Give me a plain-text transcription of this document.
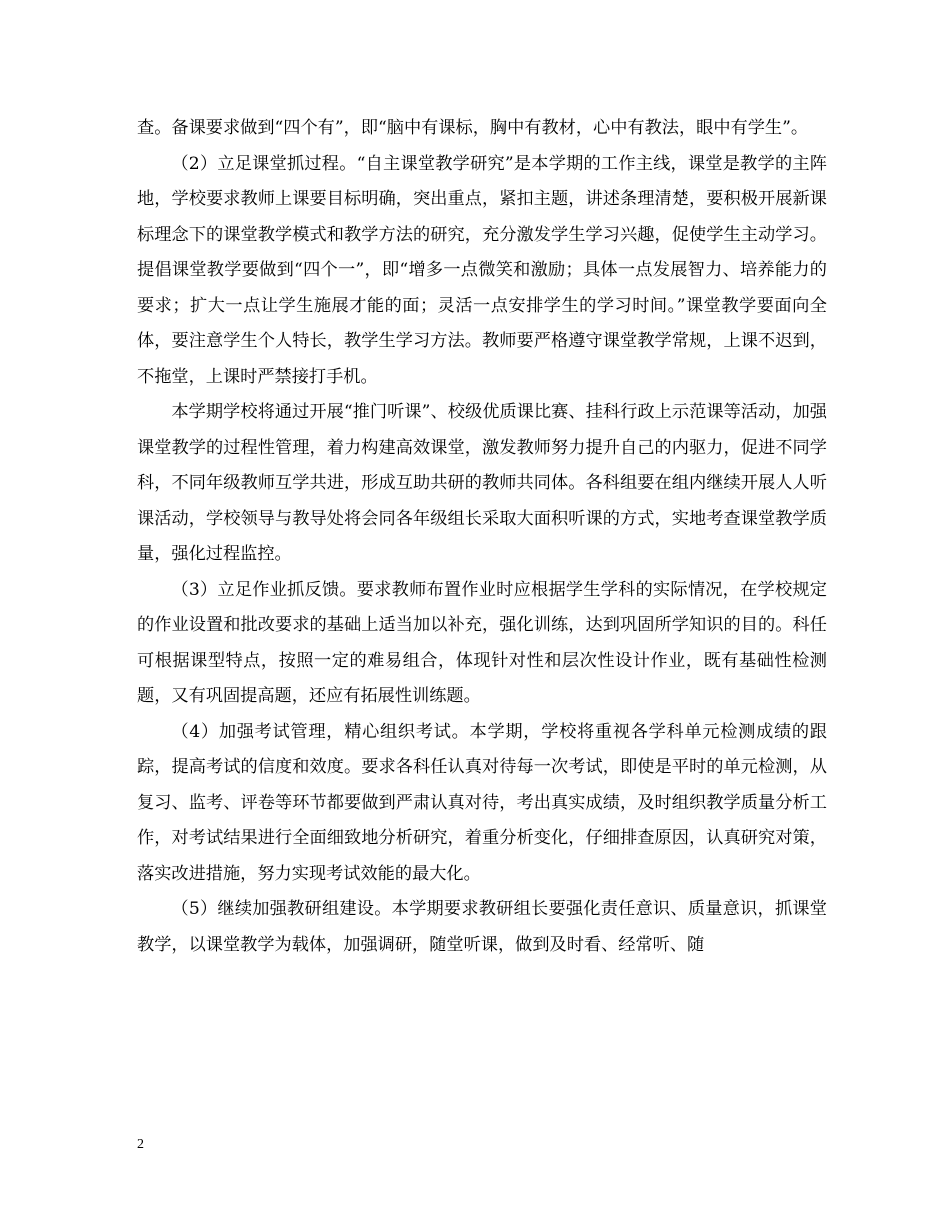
查。备课要求做到“四个有”，即“脑中有课标，胸中有教材，心中有教法，眼中有学生”。

（2）立足课堂抓过程。“自主课堂教学研究”是本学期的工作主线，课堂是教学的主阵地，学校要求教师上课要目标明确，突出重点，紧扣主题，讲述条理清楚，要积极开展新课标理念下的课堂教学模式和教学方法的研究，充分激发学生学习兴趣，促使学生主动学习。提倡课堂教学要做到“四个一”，即“增多一点微笑和激励；具体一点发展智力、培养能力的要求；扩大一点让学生施展才能的面；灵活一点安排学生的学习时间。”课堂教学要面向全体，要注意学生个人特长，教学生学习方法。教师要严格遵守课堂教学常规，上课不迟到，不拖堂，上课时严禁接打手机。

本学期学校将通过开展“推门听课”、校级优质课比赛、挂科行政上示范课等活动，加强课堂教学的过程性管理，着力构建高效课堂，激发教师努力提升自己的内驱力，促进不同学科，不同年级教师互学共进，形成互助共研的教师共同体。各科组要在组内继续开展人人听课活动，学校领导与教导处将会同各年级组长采取大面积听课的方式，实地考查课堂教学质量，强化过程监控。

（3）立足作业抓反馈。要求教师布置作业时应根据学生学科的实际情况，在学校规定的作业设置和批改要求的基础上适当加以补充，强化训练，达到巩固所学知识的目的。科任可根据课型特点，按照一定的难易组合，体现针对性和层次性设计作业，既有基础性检测题，又有巩固提高题，还应有拓展性训练题。

（4）加强考试管理，精心组织考试。本学期，学校将重视各学科单元检测成绩的跟踪，提高考试的信度和效度。要求各科任认真对待每一次考试，即使是平时的单元检测，从复习、监考、评卷等环节都要做到严肃认真对待，考出真实成绩，及时组织教学质量分析工作，对考试结果进行全面细致地分析研究，着重分析变化，仔细排查原因，认真研究对策，落实改进措施，努力实现考试效能的最大化。

（5）继续加强教研组建设。本学期要求教研组长要强化责任意识、质量意识，抓课堂教学，以课堂教学为载体，加强调研，随堂听课，做到及时看、经常听、随

2
